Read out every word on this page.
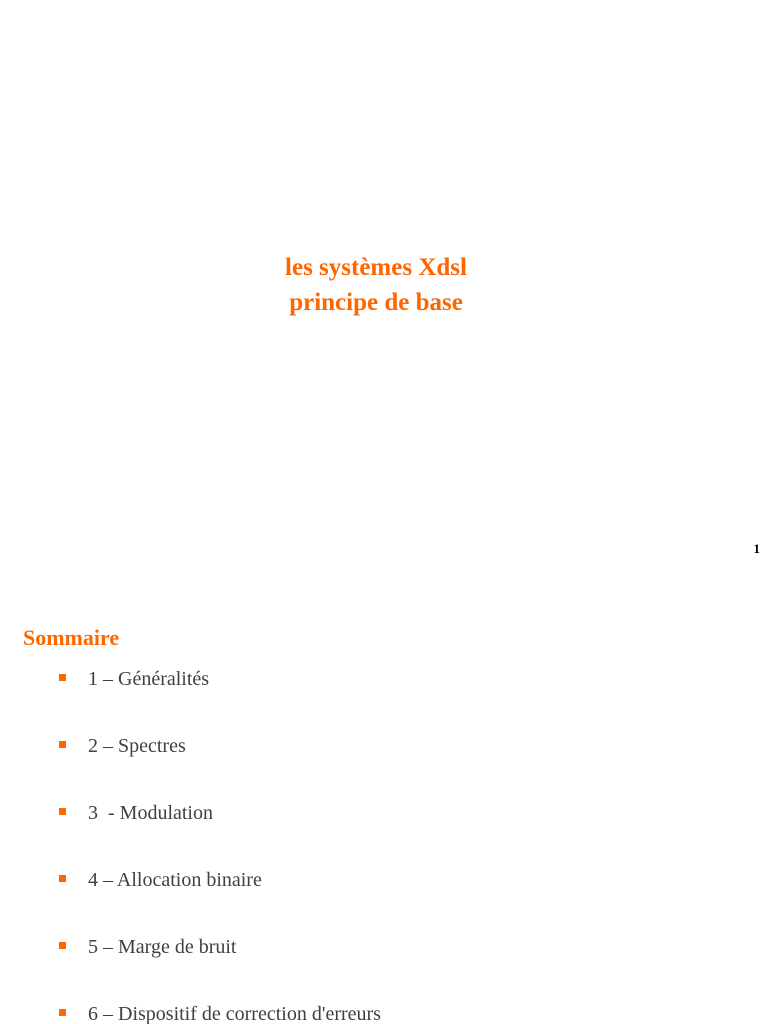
les systèmes Xdsl
principe de base
1
Sommaire
1 – Généralités
2 – Spectres
3  - Modulation
4 – Allocation binaire
5 – Marge de bruit
6 – Dispositif de correction d'erreurs
